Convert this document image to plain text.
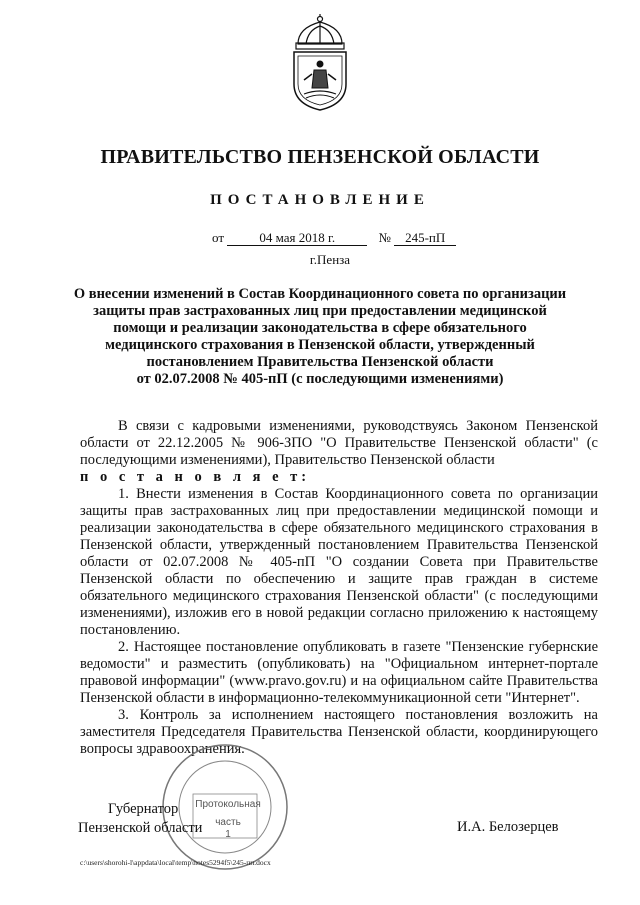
ПРАВИТЕЛЬСТВО ПЕНЗЕНСКОЙ ОБЛАСТИ
ПОСТАНОВЛЕНИЕ
от	04 мая 2018 г.	№ 245-пП
г.Пенза
О внесении изменений в Состав Координационного совета по организации
защиты прав застрахованных лиц при предоставлении медицинской
помощи и реализации законодательства в сфере обязательного
медицинского страхования в Пензенской области, утвержденный
постановлением Правительства Пензенской области
от 02.07.2008 № 405-пП (с последующими изменениями)

В связи с кадровыми изменениями, руководствуясь Законом Пензенской области от 22.12.2005 № 906-ЗПО "О Правительстве Пензенской области" (с последующими изменениями), Правительство Пензенской области

п о с т а н о в л я е т:

1. Внести изменения в Состав Координационного совета по организации защиты прав застрахованных лиц при предоставлении медицинской помощи и реализации законодательства в сфере обязательного медицинского страхования в Пензенской области, утвержденный постановлением Правительства Пензенской области от 02.07.2008 № 405-пП "О создании Совета при Правительстве Пензенской области по обеспечению и защите прав граждан в системе обязательного медицинского страхования Пензенской области" (с последующими изменениями), изложив его в новой редакции согласно приложению к настоящему постановлению.

2. Настоящее постановление опубликовать в газете "Пензенские губернские ведомости" и разместить (опубликовать) на "Официальном интернет-портале правовой информации" (www.pravo.gov.ru) и на официальном сайте Правительства Пензенской области в информационно-телекоммуникационной сети "Интернет".

3. Контроль за исполнением настоящего постановления возложить на заместителя Председателя Правительства Пензенской области, координирующего вопросы здравоохранения.

Протокольная
часть
1
Губернатор
Пензенской области	И.А. Белозерцев
c:\users\shorohi-l\appdata\local\temp\notes5294f5\245-пп.docx
